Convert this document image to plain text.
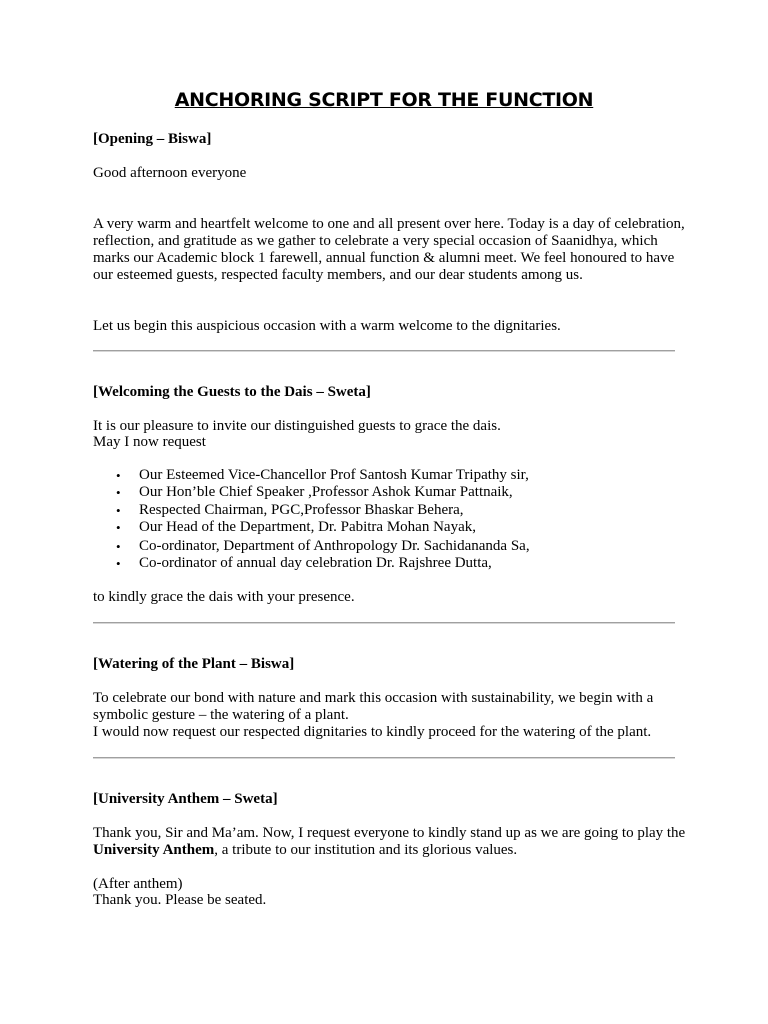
ANCHORING SCRIPT FOR THE FUNCTION
[Opening – Biswa]
Good afternoon everyone
A very warm and heartfelt welcome to one and all present over here. Today is a day of celebration, reflection, and gratitude as we gather to celebrate a very special occasion of Saanidhya, which marks our Academic block 1 farewell, annual function & alumni meet. We feel honoured to have our esteemed guests, respected faculty members, and our dear students among us.
Let us begin this auspicious occasion with a warm welcome to the dignitaries.
[Welcoming the Guests to the Dais – Sweta]
It is our pleasure to invite our distinguished guests to grace the dais.
May I now request
• Our Esteemed Vice-Chancellor Prof Santosh Kumar Tripathy sir,
• Our Hon’ble Chief Speaker ,Professor Ashok Kumar Pattnaik,
• Respected Chairman, PGC,Professor Bhaskar Behera,
• Our Head of the Department, Dr. Pabitra Mohan Nayak,
• Co-ordinator, Department of Anthropology Dr. Sachidananda Sa,
• Co-ordinator of annual day celebration Dr. Rajshree Dutta,
to kindly grace the dais with your presence.
[Watering of the Plant – Biswa]
To celebrate our bond with nature and mark this occasion with sustainability, we begin with a symbolic gesture – the watering of a plant.
I would now request our respected dignitaries to kindly proceed for the watering of the plant.
[University Anthem – Sweta]
Thank you, Sir and Ma’am. Now, I request everyone to kindly stand up as we are going to play the University Anthem, a tribute to our institution and its glorious values.
(After anthem)
Thank you. Please be seated.
